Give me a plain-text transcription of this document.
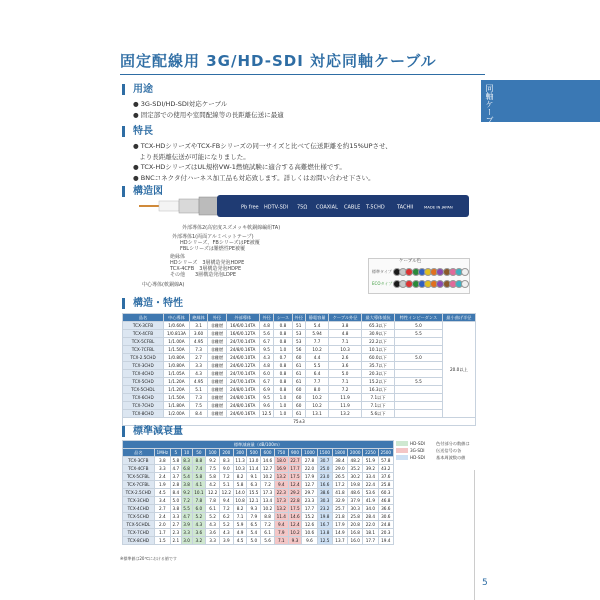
固定配線用 3G/HD-SDI 対応同軸ケーブル
同軸ケーブル
用途
● 3G-SDI/HD-SDI対応ケーブル
● 固定部での使用や室間配線等の長距離伝送に最適
特長
● TCX-HDシリーズやTCX-FBシリーズの同一サイズと比べて伝送距離を約15%UPさせ、
より長距離伝送が可能になりました。
● TCX-HDシリーズはUL規格VW-1燃焼試験に適合する高難燃仕様です。
● BNCコネクタ付ハーネス加工品も対応致します。詳しくはお問い合わせ下さい。
構造図
Pb free HDTV-SDI 75Ω COAXIAL CABLE T-5CHD TACHII	MADE IN JAPAN
外部導体2(高密度スズメッキ軟銅線編組TA)
外部導体1(両面アルミペットテープ)
HDシリーズ、FBシリーズはPE被覆
FBLシリーズは難燃性PE被覆
絶縁体
HDシリーズ　3層構造発泡HDPE
TCX-4CFB　3層構造発泡HDPE
その他　　3層構造発泡LDPE
中心導体(軟銅線A)
ケーブル色
標準タイプ
ECOタイプ
構造・特性
品名	中心導体	絶縁体	外径	外部導体	外径	シース	外径	静電容量	ケーブル外径	最大導体抵抗	特性インピーダンス	最小曲げ半径
TCX-3CFB	1/0.60A	3.1	非難燃	16/6/0.14TA	4.8	0.8	51	5.4	3.8	65.3以下	5.0	20.0以上
TCX-4CFB	1/0.813A	3.60	非難燃	16/6/0.12TA	5.6	0.8	53	5.94	4.8	30.9以下	5.5	
TCX-5CFBL	1/1.00A	4.95	非難燃	24/7/0.14TA	6.7	0.8	53	7.7	7.1	22.2以下		
TCX-7CFBL	1/1.50A	7.3	非難燃	24/8/0.16TA	9.5	1.0	56	10.2	10.3	10.1以下		
TCX-2.5CHD	1/0.80A	2.7	非難燃	24/6/0.10TA	4.3	0.7	60	4.4	2.6	60.0以下	5.0	
TCX-3CHD	1/0.80A	3.3	非難燃	24/6/0.12TA	4.8	0.8	61	5.5	3.6	35.7以下		
TCX-4CHD	1/1.05A	4.3	非難燃	24/7/0.14TA	6.0	0.8	61	6.4	5.0	20.3以下		
TCX-5CHD	1/1.20A	4.95	非難燃	24/7/0.14TA	6.7	0.8	61	7.7	7.1	15.2以下	5.5	
TCX-5CHDL	1/1.20A	5.1	非難燃	24/8/0.14TA	6.9	0.8	60	8.0	7.2	16.3以下		
TCX-6CHD	1/1.50A	7.3	非難燃	24/8/0.16TA	9.5	1.0	60	10.2	11.9	7.1以下		
TCX-7CHD	1/1.80A	7.5	非難燃	24/8/0.16TA	9.6	1.0	60	10.2	11.9	7.1以下		
TCX-8CHD	1/2.00A	8.4	非難燃	24/6/0.16TA	12.5	1.0	61	13.1	13.2	5.6以下		
75±3												
標準減衰量
標準減衰量（dB/100m）																	
品名	1MHz	5	10	50	100	200	300	500	600	750	900	1000	1500	1800	2000	2250	2500
TCX-3CFB	3.8	5.8	8.3	8.8	9.2	8.3	11.3	13.0	14.6	18.0	22.7	27.8	30.7	38.4	48.2	51.9	57.8
TCX-4CFB	3.3	4.7	6.8	7.4	7.5	9.0	10.3	11.4	12.7	16.9	17.7	22.0	25.0	29.0	35.2	39.2	43.2
TCX-5CFBL	2.4	3.7	5.4	5.8	5.8	7.2	8.2	9.1	10.2	13.2	17.5	17.9	23.0	26.5	30.2	33.4	37.6
TCX-7CFBL	1.9	2.8	3.8	4.1	4.2	5.1	5.8	6.3	7.2	9.4	12.4	12.7	16.6	17.2	19.8	22.4	25.8
TCX-2.5CHD	4.5	8.4	9.2	10.1	12.2	12.2	14.0	15.5	17.3	22.3	29.2	29.7	38.6	41.8	48.6	53.6	60.3
TCX-3CHD	3.4	5.0	7.2	7.8	7.8	9.4	10.8	12.1	13.4	17.3	22.8	23.3	30.3	32.9	37.9	41.9	46.8
TCX-4CHD	2.7	3.8	5.5	6.0	6.1	7.2	8.2	9.3	10.2	13.2	17.5	17.7	23.2	25.7	30.3	34.0	36.6
TCX-5CHD	2.4	3.3	4.7	5.2	5.2	6.2	7.1	7.9	8.8	11.4	14.6	15.2	19.8	21.8	25.8	28.4	30.6
TCX-5CHDL	2.0	2.7	3.9	4.3	4.3	5.2	5.9	6.5	7.2	9.4	12.4	12.6	16.7	17.9	20.8	22.0	24.8
TCX-7CHD	1.7	2.3	3.3	3.6	3.6	4.3	4.9	5.4	6.1	7.9	10.2	10.6	13.8	14.9	16.8	18.1	20.3
TCX-8CHD	1.5	2.1	3.0	3.2	3.3	3.9	4.5	5.0	5.6	7.1	9.3	9.6	12.5	13.7	16.0	17.7	19.4
HD-SDI
3G-SDI
HD-SDI
色付部分の数値は
伝送信号の各
基本周波数の値
※標準値は20℃における値です
5
